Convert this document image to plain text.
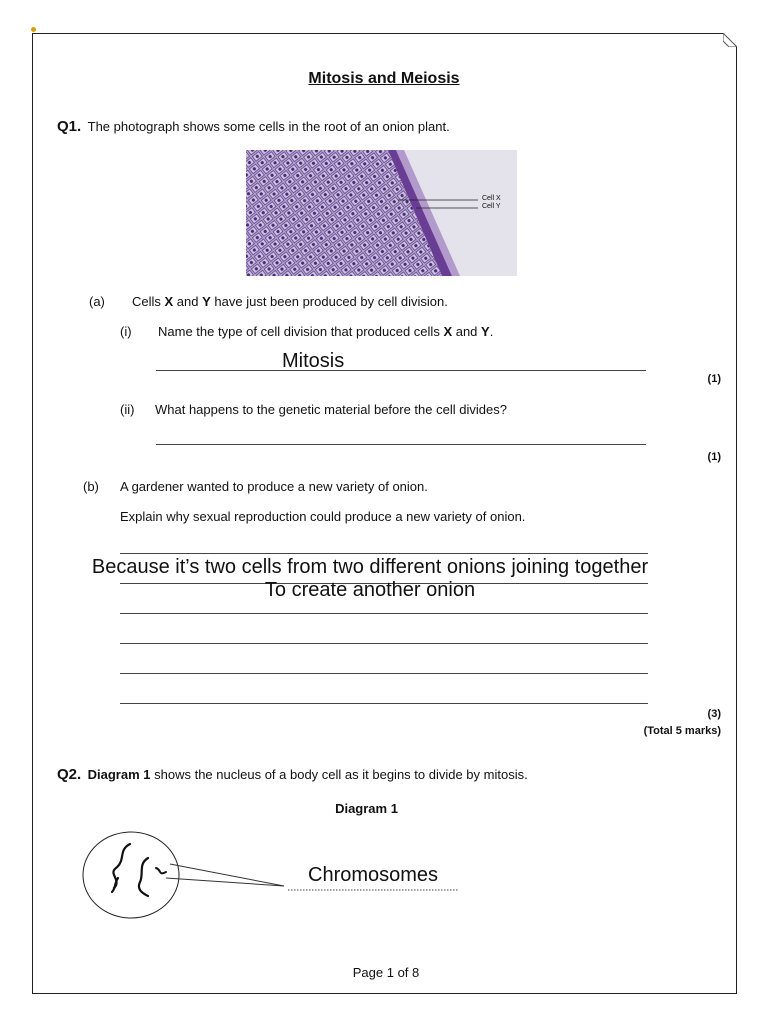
Mitosis and Meiosis
Q1. The photograph shows some cells in the root of an onion plant.
Cell X
Cell Y
(a) Cells X and Y have just been produced by cell division.
(i) Name the type of cell division that produced cells X and Y.
Mitosis
(1)
(ii) What happens to the genetic material before the cell divides?
(1)
(b) A gardener wanted to produce a new variety of onion.
Explain why sexual reproduction could produce a new variety of onion.
Because it’s two cells from two different onions joining together
To create another onion
(3)
(Total 5 marks)
Q2. Diagram 1 shows the nucleus of a body cell as it begins to divide by mitosis.
Diagram 1
Chromosomes
Page 1 of 8
